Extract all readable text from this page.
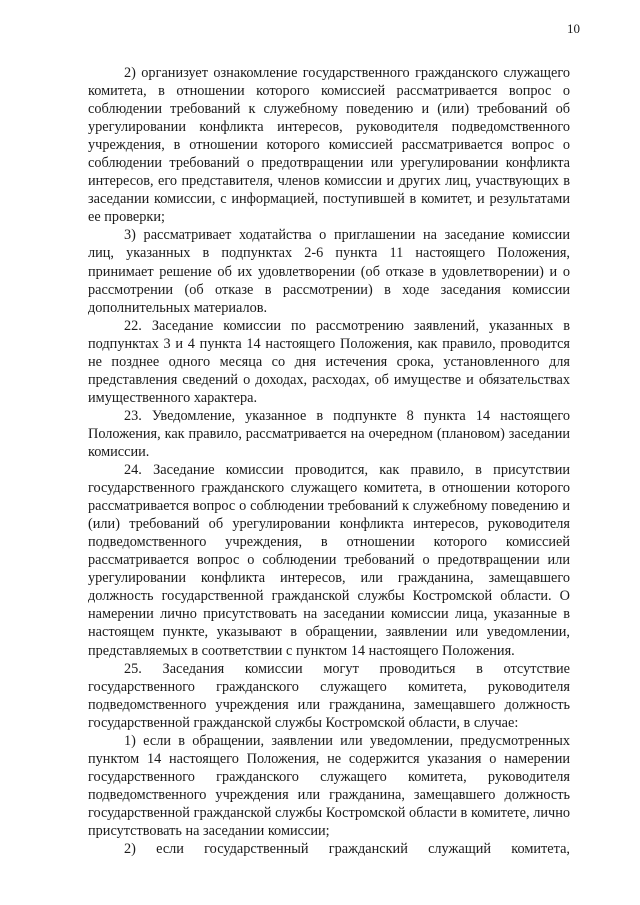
10

2) организует ознакомление государственного гражданского служащего комитета, в отношении которого комиссией рассматривается вопрос о соблюдении требований к служебному поведению и (или) требований об урегулировании конфликта интересов, руководителя подведомственного учреждения, в отношении которого комиссией рассматривается вопрос о соблюдении требований о предотвращении или урегулировании конфликта интересов, его представителя, членов комиссии и других лиц, участвующих в заседании комиссии, с информацией, поступившей в комитет, и результатами ее проверки;

3) рассматривает ходатайства о приглашении на заседание комиссии лиц, указанных в подпунктах 2-6 пункта 11 настоящего Положения, принимает решение об их удовлетворении (об отказе в удовлетворении) и о рассмотрении (об отказе в рассмотрении) в ходе заседания комиссии дополнительных материалов.

22. Заседание комиссии по рассмотрению заявлений, указанных в подпунктах 3 и 4 пункта 14 настоящего Положения, как правило, проводится не позднее одного месяца со дня истечения срока, установленного для представления сведений о доходах, расходах, об имуществе и обязательствах имущественного характера.

23. Уведомление, указанное в подпункте 8 пункта 14 настоящего Положения, как правило, рассматривается на очередном (плановом) заседании комиссии.

24. Заседание комиссии проводится, как правило, в присутствии государственного гражданского служащего комитета, в отношении которого рассматривается вопрос о соблюдении требований к служебному поведению и (или) требований об урегулировании конфликта интересов, руководителя подведомственного учреждения, в отношении которого комиссией рассматривается вопрос о соблюдении требований о предотвращении или урегулировании конфликта интересов, или гражданина, замещавшего должность государственной гражданской службы Костромской области. О намерении лично присутствовать на заседании комиссии лица, указанные в настоящем пункте, указывают в обращении, заявлении или уведомлении, представляемых в соответствии с пунктом 14 настоящего Положения.

25. Заседания комиссии могут проводиться в отсутствие государственного гражданского служащего комитета, руководителя подведомственного учреждения или гражданина, замещавшего должность государственной гражданской службы Костромской области, в случае:

1) если в обращении, заявлении или уведомлении, предусмотренных пунктом 14 настоящего Положения, не содержится указания о намерении государственного гражданского служащего комитета, руководителя подведомственного учреждения или гражданина, замещавшего должность государственной гражданской службы Костромской области в комитете, лично присутствовать на заседании комиссии;

2) если государственный гражданский служащий комитета,
